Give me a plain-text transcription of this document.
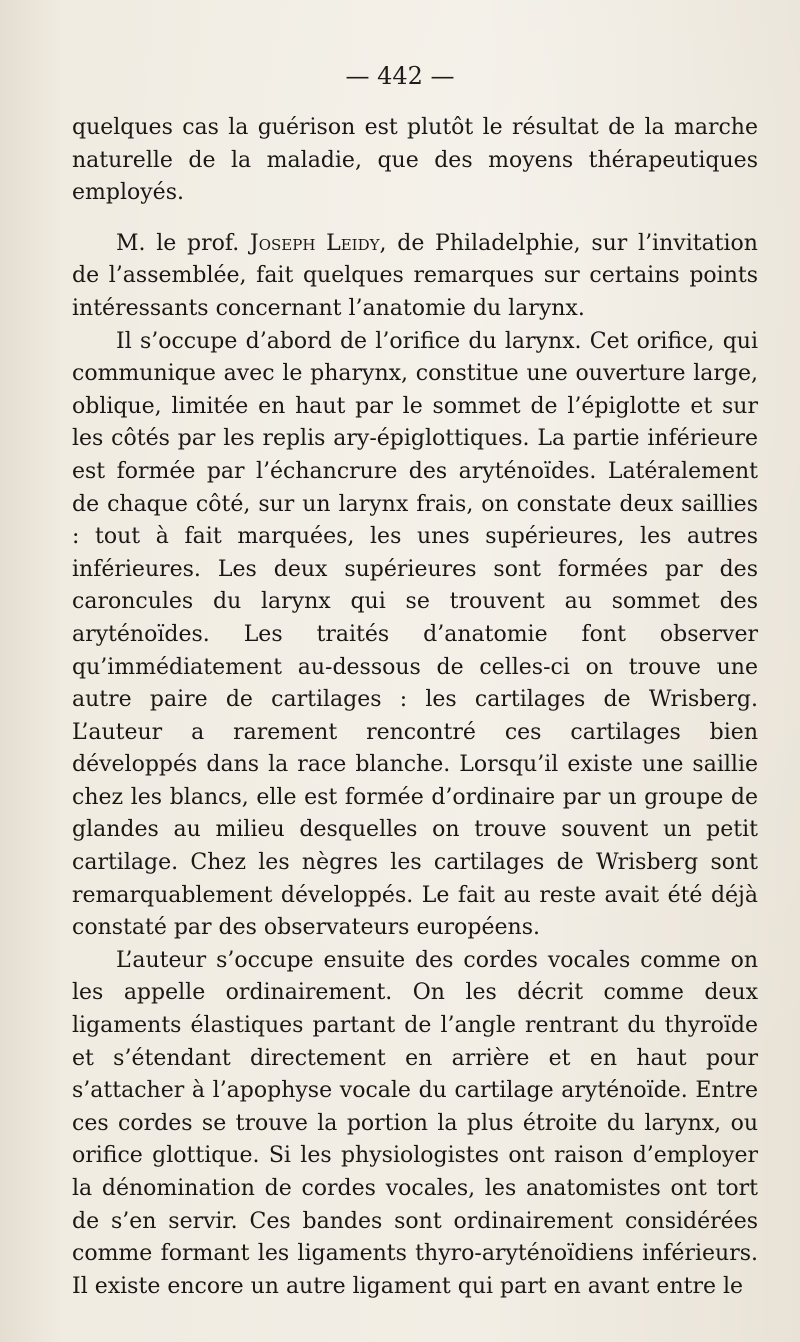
— 442 —

quelques cas la guérison est plutôt le résultat de la marche naturelle de la maladie, que des moyens thérapeutiques employés.

M. le prof. Joseph Leidy, de Philadelphie, sur l’invitation de l’assemblée, fait quelques remarques sur certains points intéressants concernant l’anatomie du larynx.

Il s’occupe d’abord de l’orifice du larynx. Cet orifice, qui communique avec le pharynx, constitue une ouverture large, oblique, limitée en haut par le sommet de l’épiglotte et sur les côtés par les replis ary-épiglottiques. La partie inférieure est formée par l’échancrure des aryténoïdes. Latéralement de chaque côté, sur un larynx frais, on constate deux saillies : tout à fait marquées, les unes supérieures, les autres inférieures. Les deux supérieures sont formées par des caroncules du larynx qui se trouvent au sommet des aryténoïdes. Les traités d’anatomie font observer qu’immédiatement au-dessous de celles-ci on trouve une autre paire de cartilages : les cartilages de Wrisberg. L’auteur a rarement rencontré ces cartilages bien développés dans la race blanche. Lorsqu’il existe une saillie chez les blancs, elle est formée d’ordinaire par un groupe de glandes au milieu desquelles on trouve souvent un petit cartilage. Chez les nègres les cartilages de Wrisberg sont remarquablement développés. Le fait au reste avait été déjà constaté par des observateurs européens.

L’auteur s’occupe ensuite des cordes vocales comme on les appelle ordinairement. On les décrit comme deux ligaments élastiques partant de l’angle rentrant du thyroïde et s’étendant directement en arrière et en haut pour s’attacher à l’apophyse vocale du cartilage aryténoïde. Entre ces cordes se trouve la portion la plus étroite du larynx, ou orifice glottique. Si les physiologistes ont raison d’employer la dénomination de cordes vocales, les anatomistes ont tort de s’en servir. Ces bandes sont ordinairement considérées comme formant les ligaments thyro-aryténoïdiens inférieurs. Il existe encore un autre ligament qui part en avant entre le
